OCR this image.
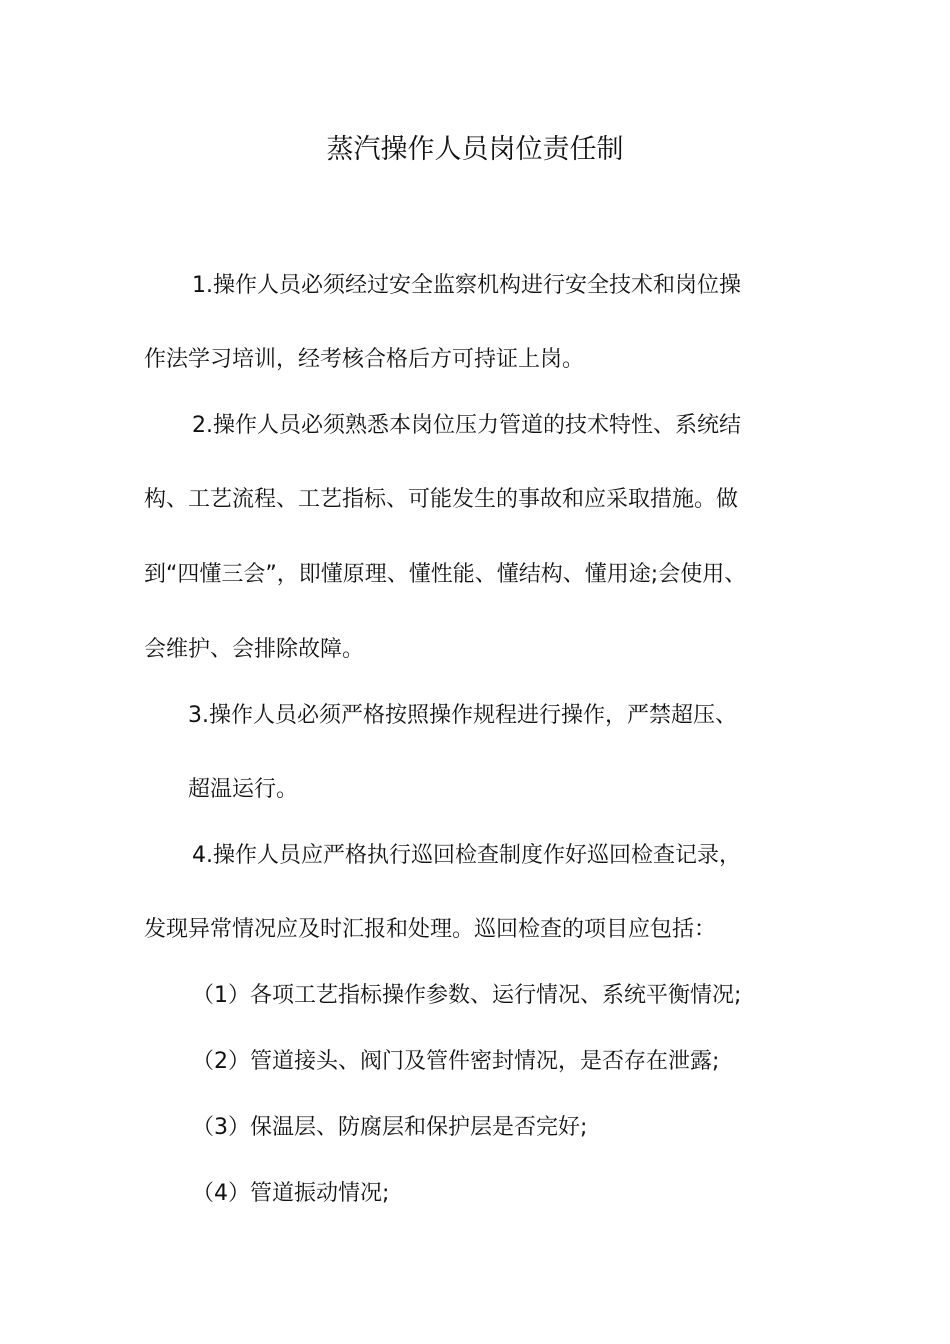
蒸汽操作人员岗位责任制
1.操作人员必须经过安全监察机构进行安全技术和岗位操
作法学习培训，经考核合格后方可持证上岗。
2.操作人员必须熟悉本岗位压力管道的技术特性、系统结
构、工艺流程、工艺指标、可能发生的事故和应采取措施。做
到“四懂三会”，即懂原理、懂性能、懂结构、懂用途;会使用、
会维护、会排除故障。
3.操作人员必须严格按照操作规程进行操作，严禁超压、
超温运行。
4.操作人员应严格执行巡回检查制度作好巡回检查记录，
发现异常情况应及时汇报和处理。巡回检查的项目应包括：
（1）各项工艺指标操作参数、运行情况、系统平衡情况;
（2）管道接头、阀门及管件密封情况，是否存在泄露;
（3）保温层、防腐层和保护层是否完好;
（4）管道振动情况;
